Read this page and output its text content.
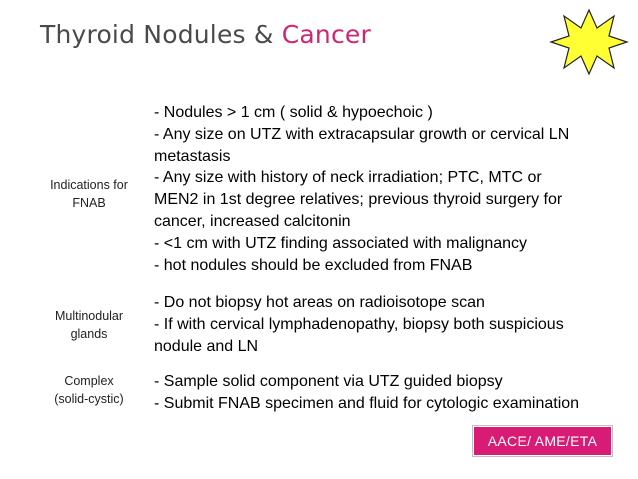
Thyroid Nodules & Cancer
Indications for
FNAB
- Nodules > 1 cm ( solid & hypoechoic )
- Any size on UTZ with extracapsular growth or cervical LN
metastasis
- Any size with history of neck irradiation; PTC, MTC or
MEN2 in 1st degree relatives; previous thyroid surgery for
cancer, increased calcitonin
- <1 cm with UTZ finding associated with malignancy
- hot nodules should be excluded from FNAB
Multinodular
glands
- Do not biopsy hot areas on radioisotope scan
- If with cervical lymphadenopathy, biopsy both suspicious
nodule and LN
Complex
(solid-cystic)
- Sample solid component via UTZ guided biopsy
- Submit FNAB specimen and fluid for cytologic examination
AACE/ AME/ETA
